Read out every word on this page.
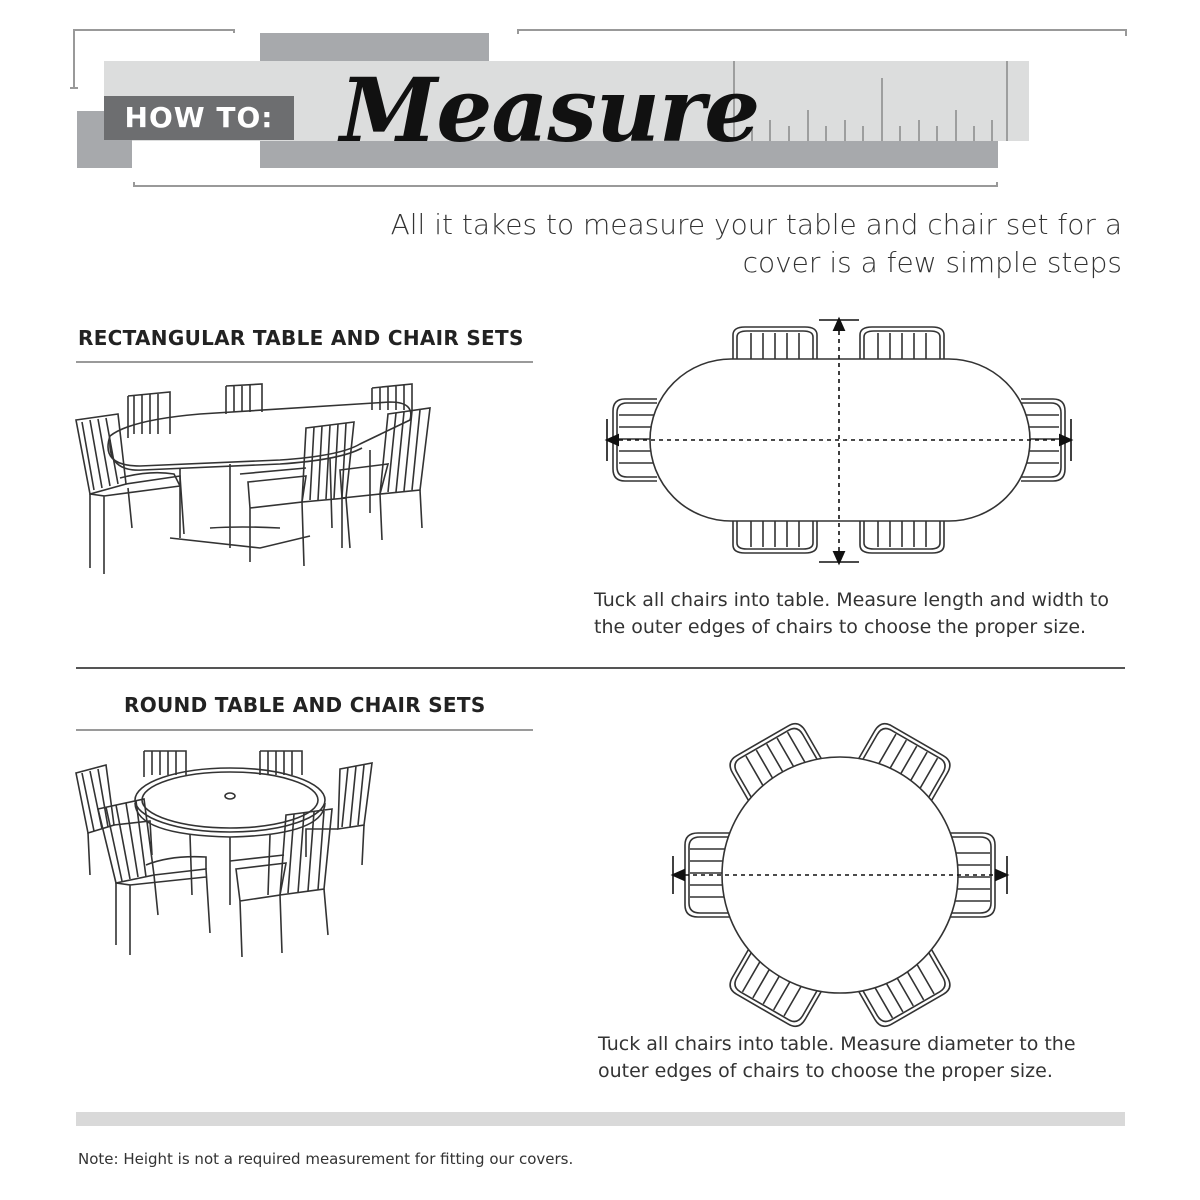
HOW TO: Measure
All it takes to measure your table and chair set for a cover is a few simple steps
RECTANGULAR TABLE AND CHAIR SETS
Tuck all chairs into table. Measure length and width to the outer edges of chairs to choose the proper size.
ROUND TABLE AND CHAIR SETS
Tuck all chairs into table. Measure diameter to the outer edges of chairs to choose the proper size.
Note: Height is not a required measurement for fitting our covers.
